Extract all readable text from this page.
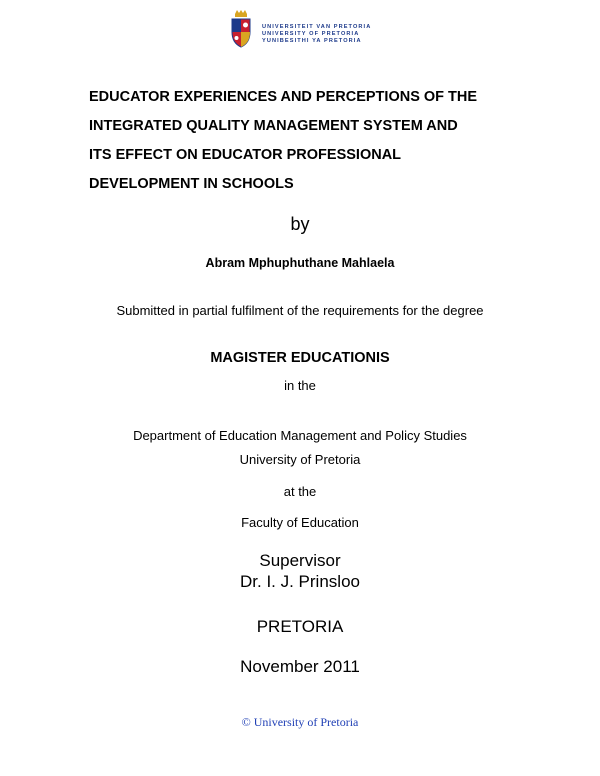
UNIVERSITEIT VAN PRETORIA
UNIVERSITY OF PRETORIA
YUNIBESITHI YA PRETORIA
EDUCATOR EXPERIENCES AND PERCEPTIONS OF THE
INTEGRATED QUALITY MANAGEMENT SYSTEM AND
ITS EFFECT ON EDUCATOR PROFESSIONAL
DEVELOPMENT IN SCHOOLS
by
Abram Mphuphuthane Mahlaela
Submitted in partial fulfilment of the requirements for the degree
MAGISTER EDUCATIONIS
in the
Department of Education Management and Policy Studies
University of Pretoria
at the
Faculty of Education
Supervisor
Dr. I. J. Prinsloo
PRETORIA
November 2011
© University of Pretoria
